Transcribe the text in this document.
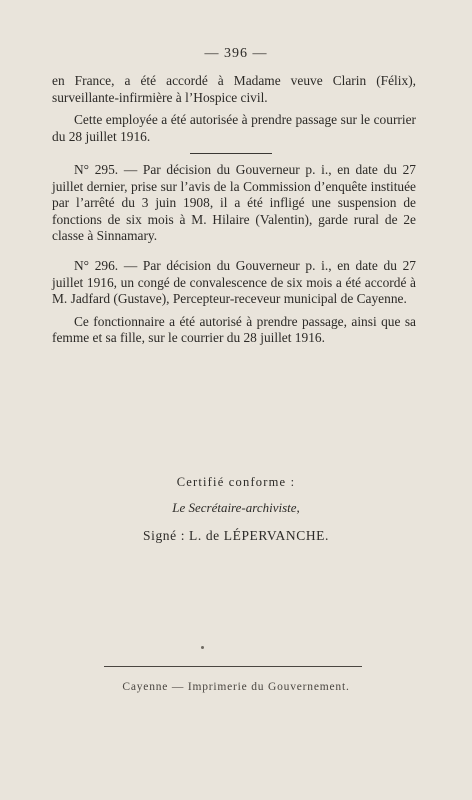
— 396 —

en France, a été accordé à Madame veuve Clarin (Félix), surveillante-infirmière à l’Hospice civil.

Cette employée a été autorisée à prendre passage sur le courrier du 28 juillet 1916.

N° 295. — Par décision du Gouverneur p. i., en date du 27 juillet dernier, prise sur l’avis de la Commission d’enquête instituée par l’arrêté du 3 juin 1908, il a été infligé une suspension de fonctions de six mois à M. Hilaire (Valentin), garde rural de 2e classe à Sinnamary.

N° 296. — Par décision du Gouverneur p. i., en date du 27 juillet 1916, un congé de convalescence de six mois a été accordé à M. Jadfard (Gustave), Percepteur-receveur municipal de Cayenne.

Ce fonctionnaire a été autorisé à prendre passage, ainsi que sa femme et sa fille, sur le courrier du 28 juillet 1916.

Certifié conforme :
Le Secrétaire-archiviste,
Signé : L. de LÉPERVANCHE.
Cayenne — Imprimerie du Gouvernement.
